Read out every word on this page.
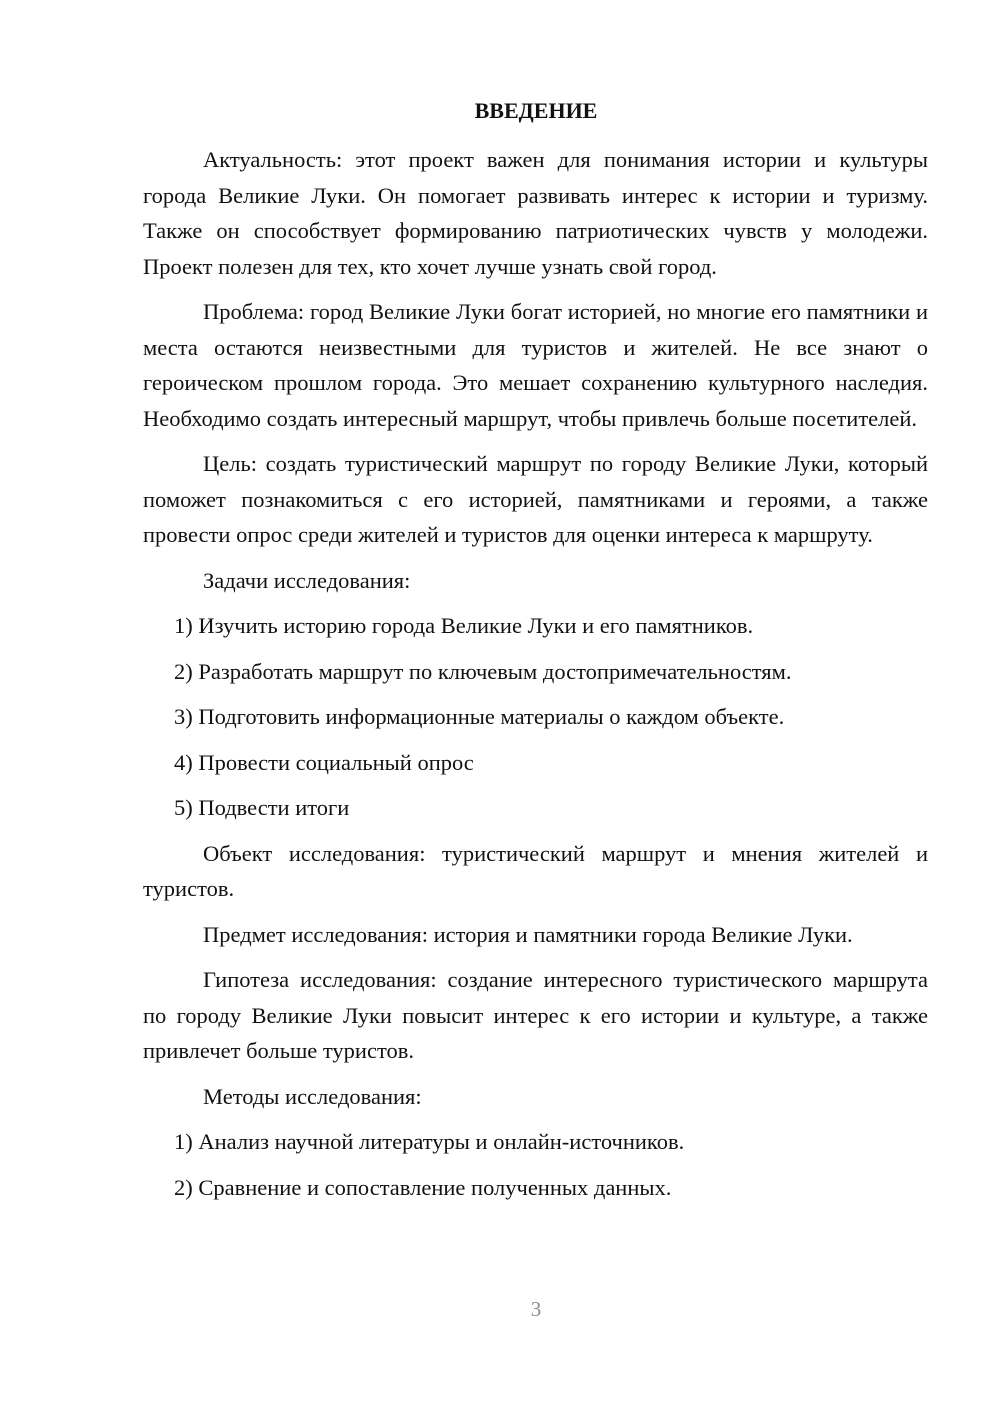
ВВЕДЕНИЕ

Актуальность: этот проект важен для понимания истории и культуры города Великие Луки. Он помогает развивать интерес к истории и туризму. Также он способствует формированию патриотических чувств у молодежи. Проект полезен для тех, кто хочет лучше узнать свой город.

Проблема: город Великие Луки богат историей, но многие его памятники и места остаются неизвестными для туристов и жителей. Не все знают о героическом прошлом города. Это мешает сохранению культурного наследия. Необходимо создать интересный маршрут, чтобы привлечь больше посетителей.

Цель: создать туристический маршрут по городу Великие Луки, который поможет познакомиться с его историей, памятниками и героями, а также провести опрос среди жителей и туристов для оценки интереса к маршруту.

Задачи исследования:

1) Изучить историю города Великие Луки и его памятников.

2) Разработать маршрут по ключевым достопримечательностям.

3) Подготовить информационные материалы о каждом объекте.

4) Провести социальный опрос

5) Подвести итоги

Объект исследования: туристический маршрут и мнения жителей и туристов.

Предмет исследования: история и памятники города Великие Луки.

Гипотеза исследования: создание интересного туристического маршрута по городу Великие Луки повысит интерес к его истории и культуре, а также привлечет больше туристов.

Методы исследования:

1) Анализ научной литературы и онлайн-источников.

2) Сравнение и сопоставление полученных данных.

3
